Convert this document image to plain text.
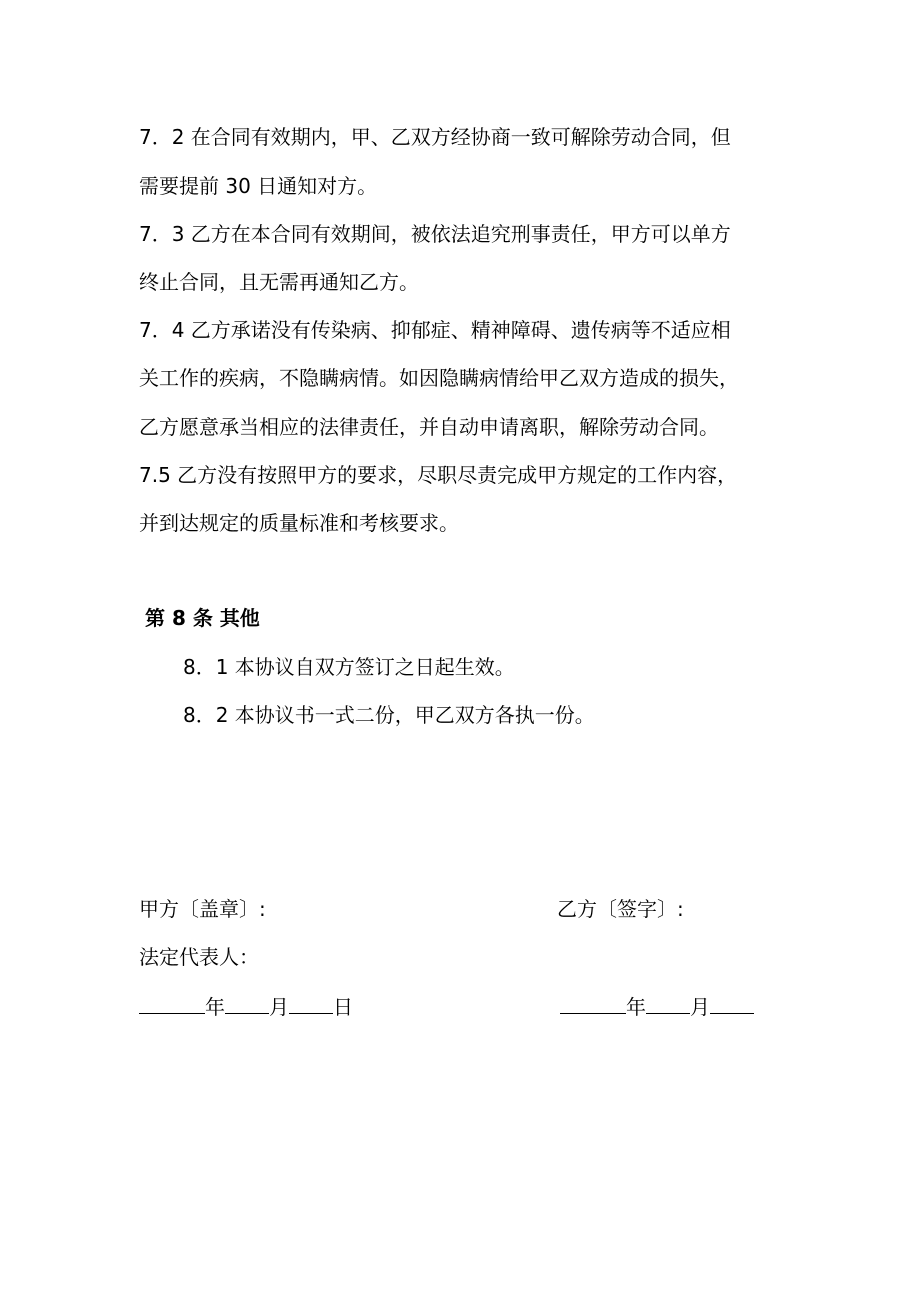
7．2 在合同有效期内，甲、乙双方经协商一致可解除劳动合同，但
需要提前 30 日通知对方。
7．3 乙方在本合同有效期间，被依法追究刑事责任，甲方可以单方
终止合同，且无需再通知乙方。
7．4 乙方承诺没有传染病、抑郁症、精神障碍、遗传病等不适应相
关工作的疾病，不隐瞒病情。如因隐瞒病情给甲乙双方造成的损失，
乙方愿意承当相应的法律责任，并自动申请离职，解除劳动合同。
7.5 乙方没有按照甲方的要求，尽职尽责完成甲方规定的工作内容，
并到达规定的质量标准和考核要求。
第 8 条 其他
8．1 本协议自双方签订之日起生效。
8．2 本协议书一式二份，甲乙双方各执一份。
甲方〔盖章〕:	乙方〔签字〕:
法定代表人：
年 月 日	年 月
